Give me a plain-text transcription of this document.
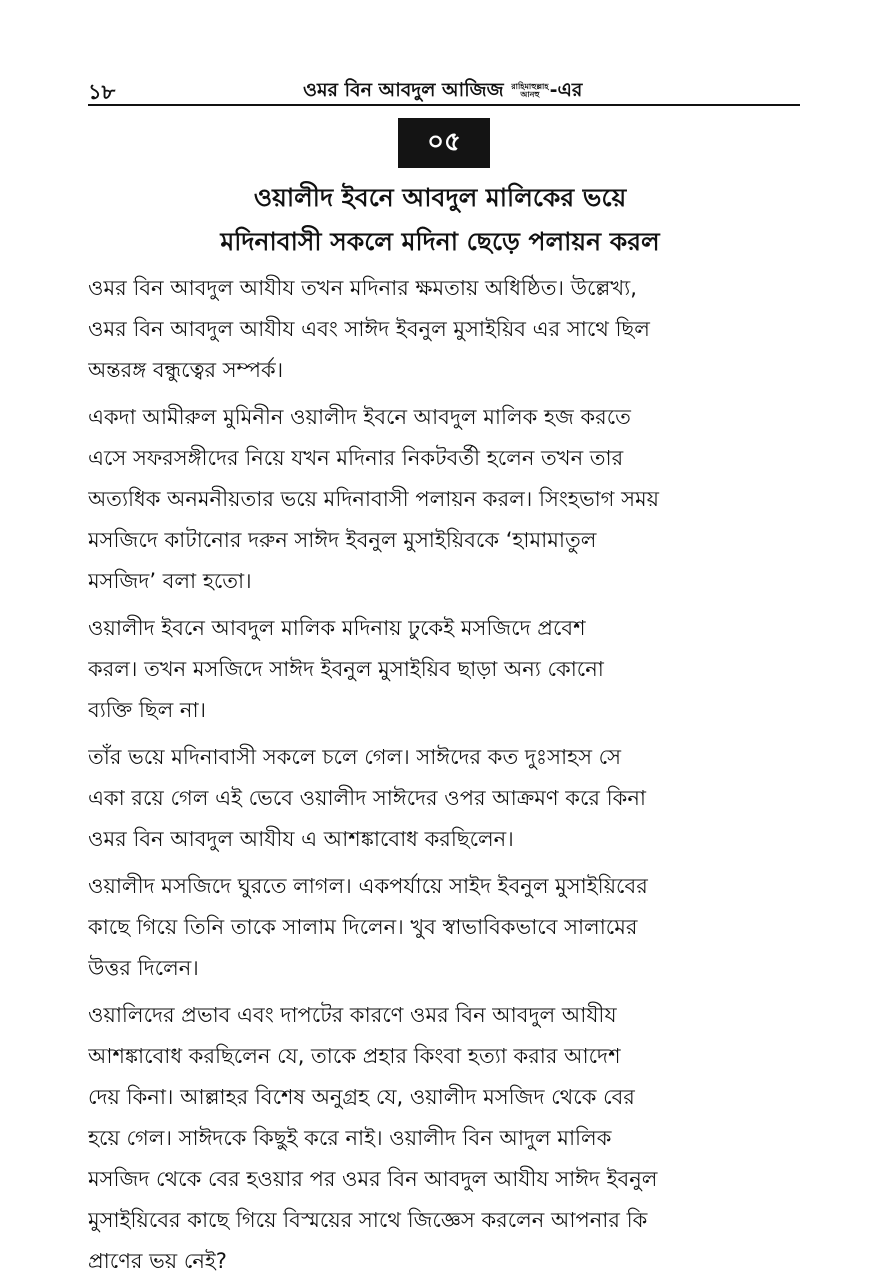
১৮	ওমর বিন আবদুল আজিজ রাহিমাহুল্লাহ
আনহু -এর
০৫
ওয়ালীদ ইবনে আবদুল মালিকের ভয়ে
মদিনাবাসী সকলে মদিনা ছেড়ে পলায়ন করল
ওমর বিন আবদুল আযীয তখন মদিনার ক্ষমতায় অধিষ্ঠিত। উল্লেখ্য,
ওমর বিন আবদুল আযীয এবং সাঈদ ইবনুল মুসাইয়িব এর সাথে ছিল
অন্তরঙ্গ বন্ধুত্বের সম্পর্ক।
একদা আমীরুল মুমিনীন ওয়ালীদ ইবনে আবদুল মালিক হজ করতে
এসে সফরসঙ্গীদের নিয়ে যখন মদিনার নিকটবর্তী হলেন তখন তার
অত্যধিক অনমনীয়তার ভয়ে মদিনাবাসী পলায়ন করল। সিংহভাগ সময়
মসজিদে কাটানোর দরুন সাঈদ ইবনুল মুসাইয়িবকে ‘হামামাতুল
মসজিদ’ বলা হতো।
ওয়ালীদ ইবনে আবদুল মালিক মদিনায় ঢুকেই মসজিদে প্রবেশ
করল। তখন মসজিদে সাঈদ ইবনুল মুসাইয়িব ছাড়া অন্য কোনো
ব্যক্তি ছিল না।
তাঁর ভয়ে মদিনাবাসী সকলে চলে গেল। সাঈদের কত দুঃসাহস সে
একা রয়ে গেল এই ভেবে ওয়ালীদ সাঈদের ওপর আক্রমণ করে কিনা
ওমর বিন আবদুল আযীয এ আশঙ্কাবোধ করছিলেন।
ওয়ালীদ মসজিদে ঘুরতে লাগল। একপর্যায়ে সাইদ ইবনুল মুসাইয়িবের
কাছে গিয়ে তিনি তাকে সালাম দিলেন। খুব স্বাভাবিকভাবে সালামের
উত্তর দিলেন।
ওয়ালিদের প্রভাব এবং দাপটের কারণে ওমর বিন আবদুল আযীয
আশঙ্কাবোধ করছিলেন যে, তাকে প্রহার কিংবা হত্যা করার আদেশ
দেয় কিনা। আল্লাহর বিশেষ অনুগ্রহ যে, ওয়ালীদ মসজিদ থেকে বের
হয়ে গেল। সাঈদকে কিছুই করে নাই। ওয়ালীদ বিন আদুল মালিক
মসজিদ থেকে বের হওয়ার পর ওমর বিন আবদুল আযীয সাঈদ ইবনুল
মুসাইয়িবের কাছে গিয়ে বিস্ময়ের সাথে জিজ্ঞেস করলেন আপনার কি
প্রাণের ভয় নেই?
